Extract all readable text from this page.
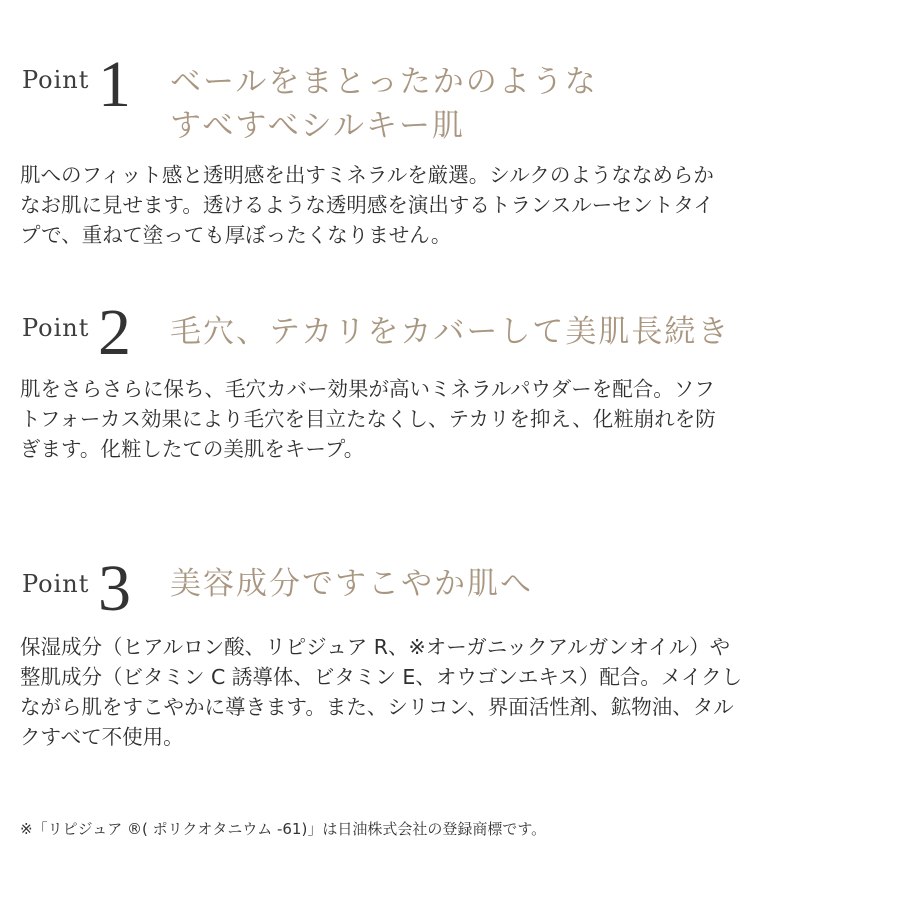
Point 1 ベールをまとったかのような
すべすべシルキー肌
肌へのフィット感と透明感を出すミネラルを厳選。シルクのようななめらか
なお肌に見せます。透けるような透明感を演出するトランスルーセントタイ
プで、重ねて塗っても厚ぼったくなりません。
Point 2 毛穴、テカリをカバーして美肌長続き
肌をさらさらに保ち、毛穴カバー効果が高いミネラルパウダーを配合。ソフ
トフォーカス効果により毛穴を目立たなくし、テカリを抑え、化粧崩れを防
ぎます。化粧したての美肌をキープ。
Point 3 美容成分ですこやか肌へ
保湿成分（ヒアルロン酸、リピジュア R、※オーガニックアルガンオイル）や
整肌成分（ビタミン C 誘導体、ビタミン E、オウゴンエキス）配合。メイクし
ながら肌をすこやかに導きます。また、シリコン、界面活性剤、鉱物油、タル
クすべて不使用。
※「リピジュア ®( ポリクオタニウム -61)」は日油株式会社の登録商標です。
